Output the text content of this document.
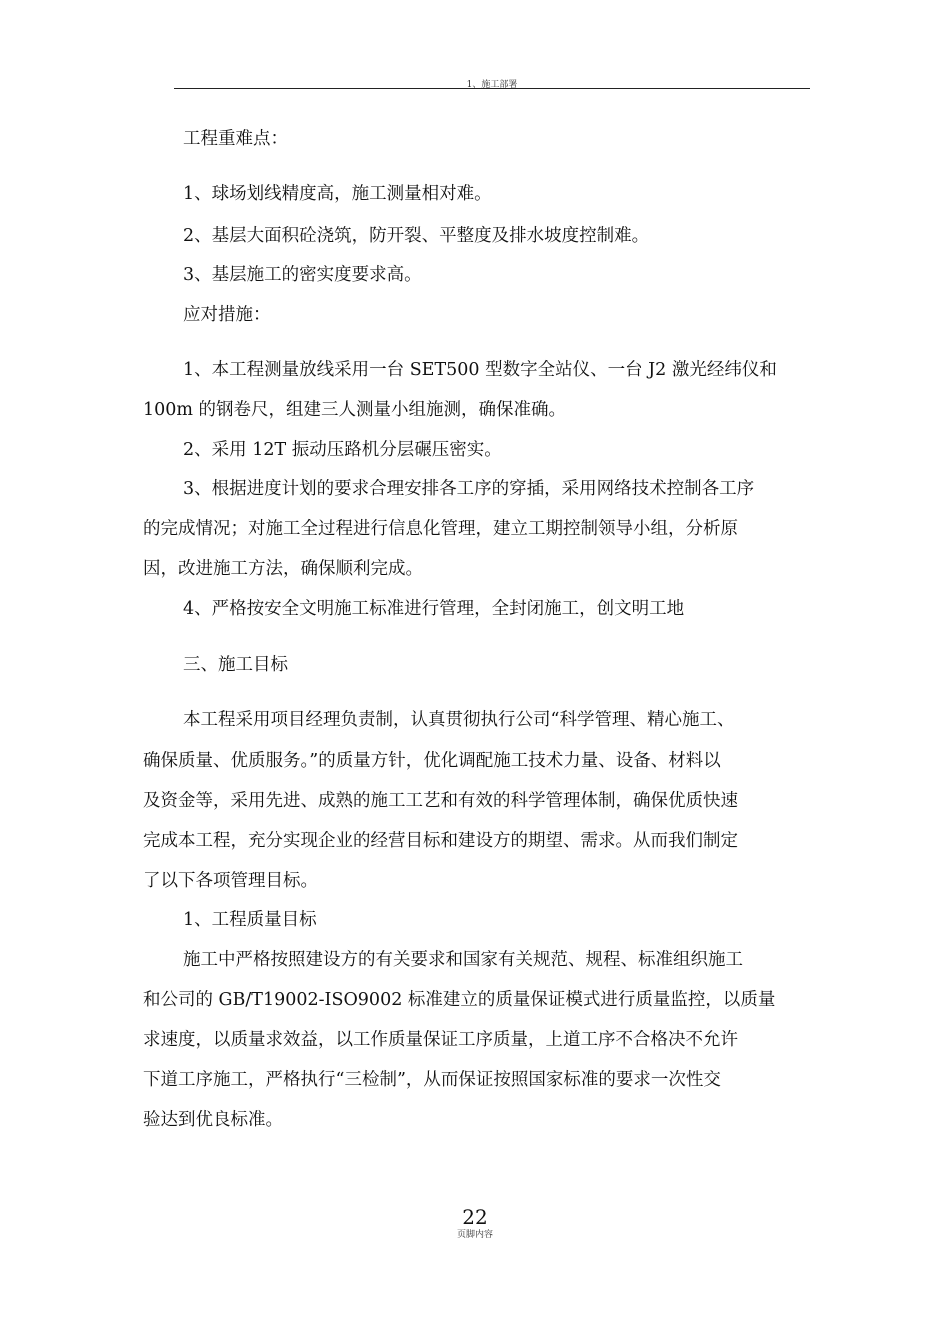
1、施工部署
工程重难点：
1、球场划线精度高，施工测量相对难。
2、基层大面积砼浇筑，防开裂、平整度及排水坡度控制难。
3、基层施工的密实度要求高。
应对措施：
1、本工程测量放线采用一台 SET500 型数字全站仪、一台 J2 激光经纬仪和
100m 的钢卷尺，组建三人测量小组施测，确保准确。
2、采用 12T 振动压路机分层碾压密实。
3、根据进度计划的要求合理安排各工序的穿插，采用网络技术控制各工序
的完成情况；对施工全过程进行信息化管理，建立工期控制领导小组，分析原
因，改进施工方法，确保顺利完成。
4、严格按安全文明施工标准进行管理，全封闭施工，创文明工地
三、施工目标
本工程采用项目经理负责制，认真贯彻执行公司“科学管理、精心施工、
确保质量、优质服务。”的质量方针，优化调配施工技术力量、设备、材料以
及资金等，采用先进、成熟的施工工艺和有效的科学管理体制，确保优质快速
完成本工程，充分实现企业的经营目标和建设方的期望、需求。从而我们制定
了以下各项管理目标。
1、工程质量目标
施工中严格按照建设方的有关要求和国家有关规范、规程、标准组织施工
和公司的 GB/T19002-ISO9002 标准建立的质量保证模式进行质量监控，以质量
求速度，以质量求效益，以工作质量保证工序质量，上道工序不合格决不允许
下道工序施工，严格执行“三检制”，从而保证按照国家标准的要求一次性交
验达到优良标准。
22
页脚内容
